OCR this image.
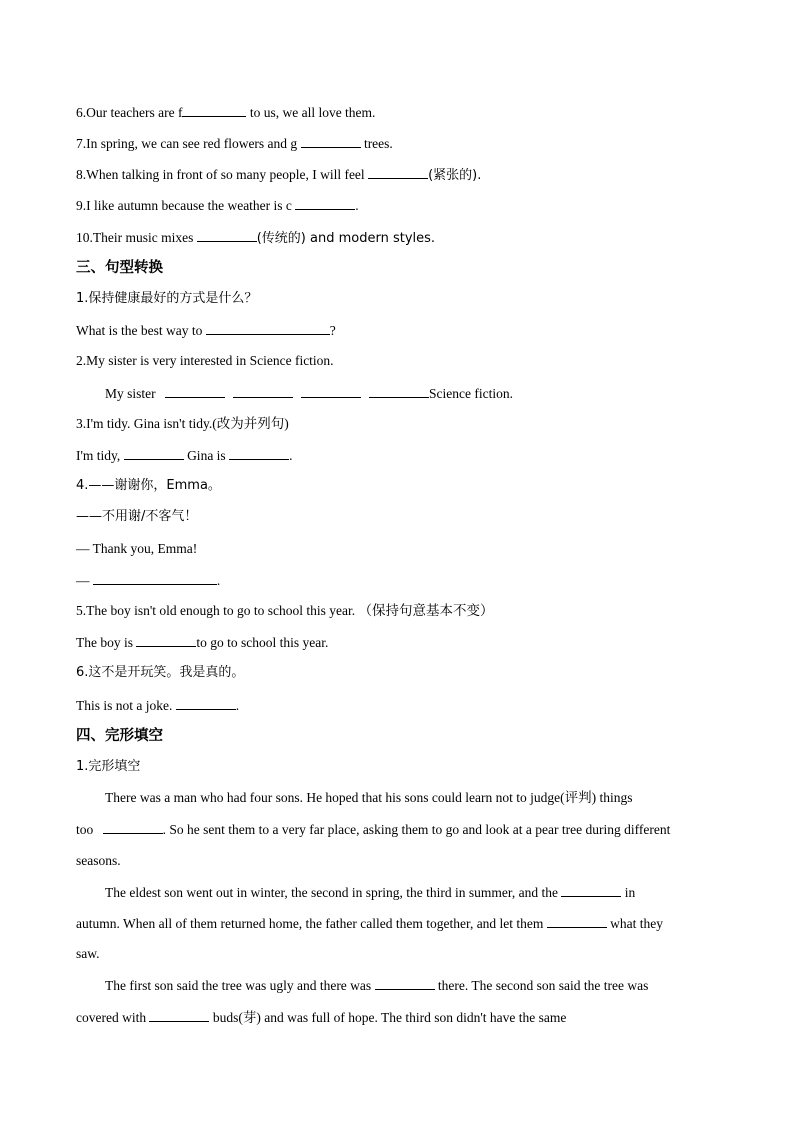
6.Our teachers are f	to us, we all love them.
7.In spring, we can see red flowers and g	trees.
8.When talking in front of so many people, I will feel	(紧张的).
9.I like autumn because the weather is c	.
10.Their music mixes	(传统的) and modern styles.
三、句型转换
1.保持健康最好的方式是什么？
What is the best way to	?
2.My sister is very interested in Science fiction.
My sister	Science fiction.
3.I'm tidy. Gina isn't tidy.(改为并列句)
I'm tidy,	Gina is	.
4.——谢谢你，Emma。
——不用谢/不客气！
— Thank you, Emma!
—	.
5.The boy isn't old enough to go to school this year. （保持句意基本不变）
The boy is	to go to school this year.
6.这不是开玩笑。我是真的。
This is not a joke.	.
四、完形填空
1.完形填空
There was a man who had four sons. He hoped that his sons could learn not to judge(评判) things
too	. So he sent them to a very far place, asking them to go and look at a pear tree during different
seasons.
The eldest son went out in winter, the second in spring, the third in summer, and the	in
autumn. When all of them returned home, the father called them together, and let them	what they
saw.
The first son said the tree was ugly and there was	there. The second son said the tree was
covered with	buds(芽) and was full of hope. The third son didn't have the same
